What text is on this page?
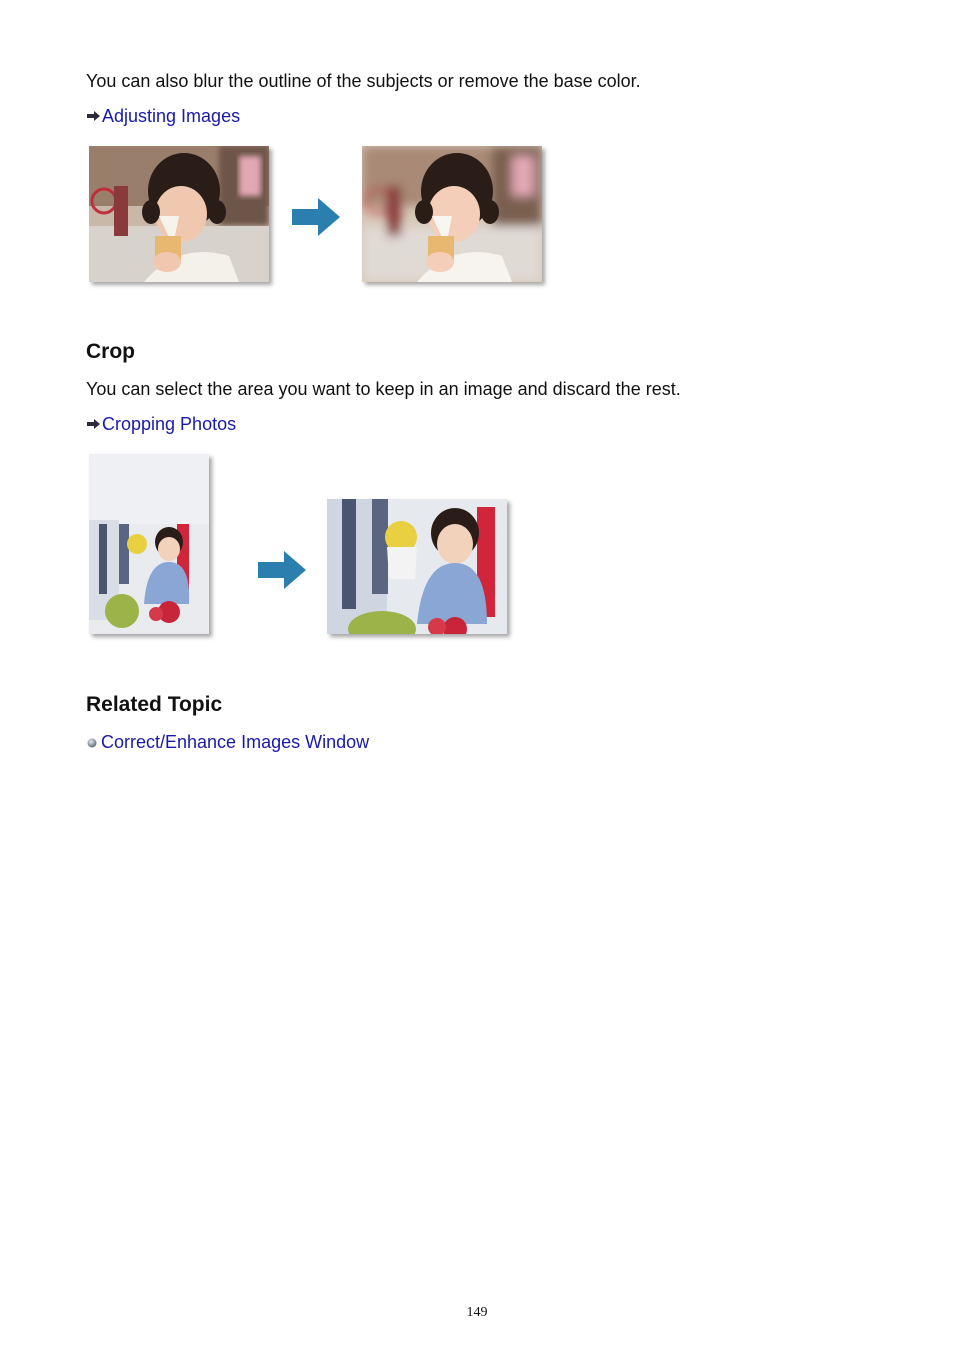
You can also blur the outline of the subjects or remove the base color.
Adjusting Images
Crop
You can select the area you want to keep in an image and discard the rest.
Cropping Photos
Related Topic
Correct/Enhance Images Window
149
